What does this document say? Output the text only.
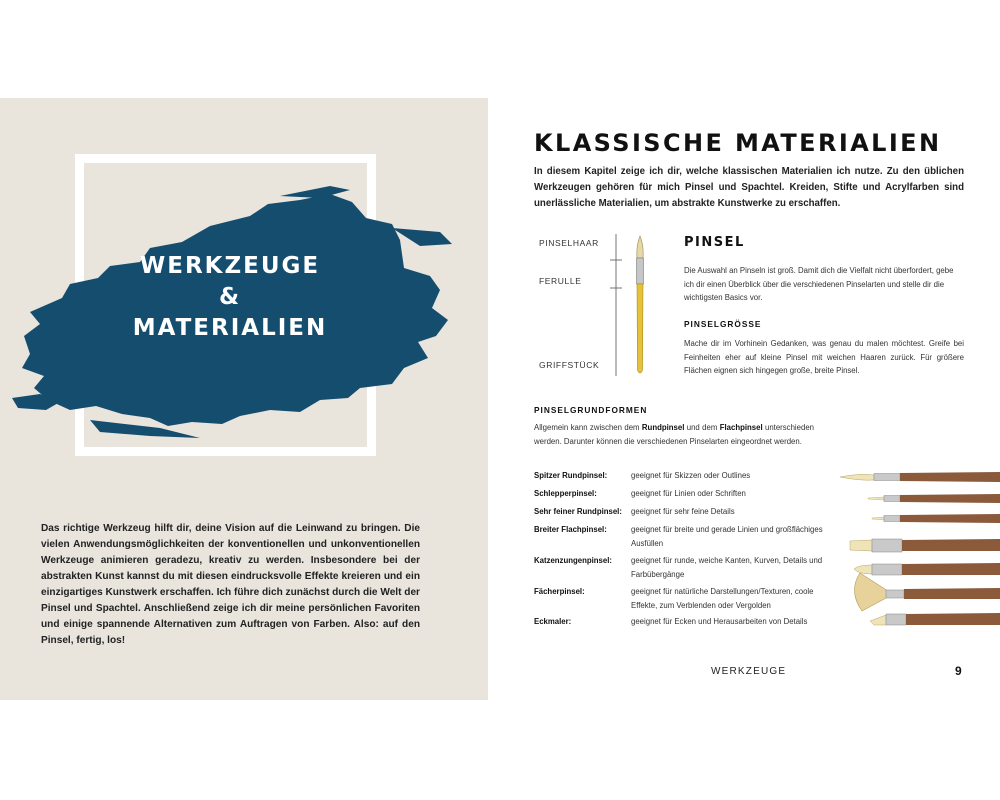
WERKZEUGE
&
MATERIALIEN
Das richtige Werkzeug hilft dir, deine Vision auf die Leinwand zu bringen. Die vielen Anwendungsmöglichkeiten der konventionellen und unkonventionellen Werkzeuge animieren geradezu, kreativ zu werden. Insbesondere bei der abstrakten Kunst kannst du mit diesen eindrucksvolle Effekte kreieren und ein einzigartiges Kunstwerk erschaffen. Ich führe dich zunächst durch die Welt der Pinsel und Spachtel. Anschließend zeige ich dir meine persönlichen Favoriten und einige spannende Alternativen zum Auftragen von Farben. Also: auf den Pinsel, fertig, los!
KLASSISCHE MATERIALIEN
In diesem Kapitel zeige ich dir, welche klassischen Materialien ich nutze. Zu den üblichen Werkzeugen gehören für mich Pinsel und Spachtel. Kreiden, Stifte und Acrylfarben sind unerlässliche Materialien, um abstrakte Kunstwerke zu erschaffen.
PINSELHAAR
FERULLE
GRIFFSTÜCK
PINSEL
Die Auswahl an Pinseln ist groß. Damit dich die Vielfalt nicht überfordert, gebe ich dir einen Überblick über die verschiedenen Pinselarten und stelle dir die wichtigsten Basics vor.
PINSELGRÖSSE
Mache dir im Vorhinein Gedanken, was genau du malen möchtest. Greife bei Feinheiten eher auf kleine Pinsel mit weichen Haaren zurück. Für größere Flächen eignen sich hingegen große, breite Pinsel.
PINSELGRUNDFORMEN
Allgemein kann zwischen dem Rundpinsel und dem Flachpinsel unterschieden werden. Darunter können die verschiedenen Pinselarten eingeordnet werden.
Spitzer Rundpinsel:	geeignet für Skizzen oder Outlines
Schlepperpinsel:	geeignet für Linien oder Schriften
Sehr feiner Rundpinsel:	geeignet für sehr feine Details
Breiter Flachpinsel:	geeignet für breite und gerade Linien und großflächiges Ausfüllen
Katzenzungenpinsel:	geeignet für runde, weiche Kanten, Kurven, Details und Farbübergänge
Fächerpinsel:	geeignet für natürliche Darstellungen/Texturen, coole Effekte, zum Verblenden oder Vergolden
Eckmaler:	geeignet für Ecken und Herausarbeiten von Details
WERKZEUGE	9
